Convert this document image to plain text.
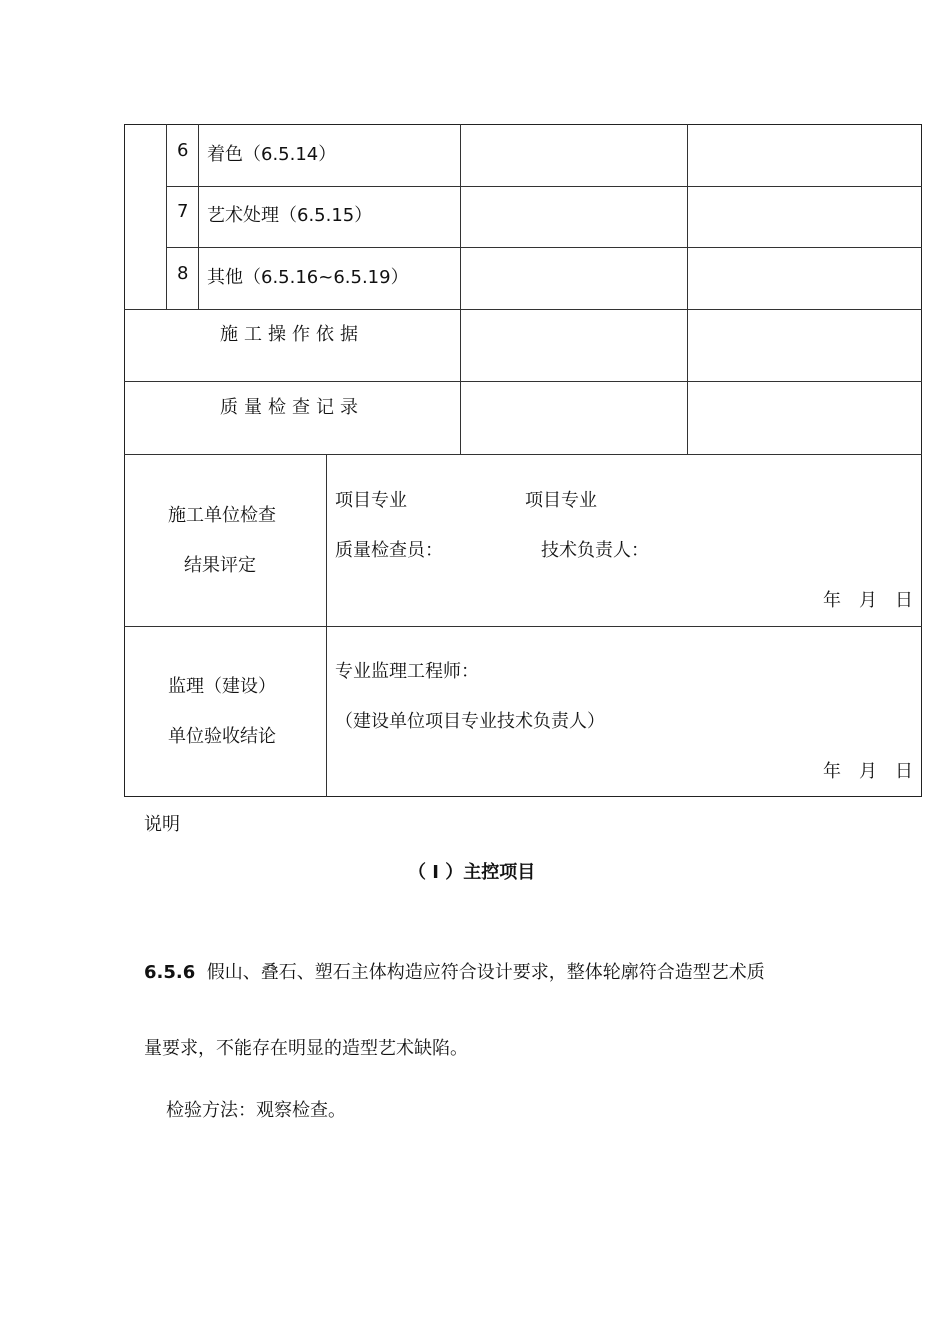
6 着色（6.5.14）
7 艺术处理（6.5.15）
8 其他（6.5.16~6.5.19）
施工操作依据
质量检查记录
施工单位检查
结果评定
项目专业
质量检查员：
项目专业
技术负责人：
年 月 日
监理（建设）
单位验收结论
专业监理工程师：
（建设单位项目专业技术负责人）
年 月 日
说明
（ I ）主控项目
6.5.6 假山、叠石、塑石主体构造应符合设计要求，整体轮廓符合造型艺术质
量要求，不能存在明显的造型艺术缺陷。
检验方法：观察检查。
